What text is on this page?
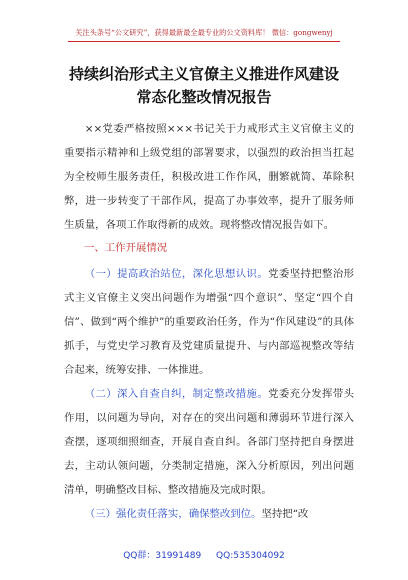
关注头条号“公文研究”，获得最新最全最专业的公文资料库！ 微信：gongwenyj
持续纠治形式主义官僚主义推进作风建设
常态化整改情况报告

××党委严格按照×××书记关于力戒形式主义官僚主义的重要指示精神和上级党组的部署要求，以强烈的政治担当扛起为全校师生服务责任，积极改进工作作风，删繁就简、革除积弊，进一步转变了干部作风，提高了办事效率，提升了服务师生质量，各项工作取得新的成效。现将整改情况报告如下。

一、工作开展情况

（一）提高政治站位，深化思想认识。党委坚持把整治形式主义官僚主义突出问题作为增强“四个意识”、坚定“四个自信”、做到“两个维护”的重要政治任务，作为“作风建设”的具体抓手，与党史学习教育及党建质量提升、与内部巡视整改等结合起来，统筹安排、一体推进。

（二）深入自查自纠，制定整改措施。党委充分发挥带头作用，以问题为导向，对存在的突出问题和薄弱环节进行深入查摆，逐项细照细查，开展自查自纠。各部门坚持把自身摆进去，主动认领问题，分类制定措施，深入分析原因，列出问题清单，明确整改目标、整改措施及完成时限。

（三）强化责任落实，确保整改到位。坚持把“改

QQ群：31991489 QQ:535304092
